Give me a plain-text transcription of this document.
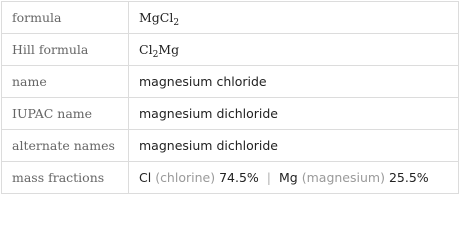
formula	MgCl$_2$
Hill formula	$Cl_2Mg$
name	magnesium chloride
IUPAC name	magnesium dichloride
alternate names	magnesium dichloride
mass fractions	Cl (chlorine) 74.5% | Mg (magnesium) 25.5%
